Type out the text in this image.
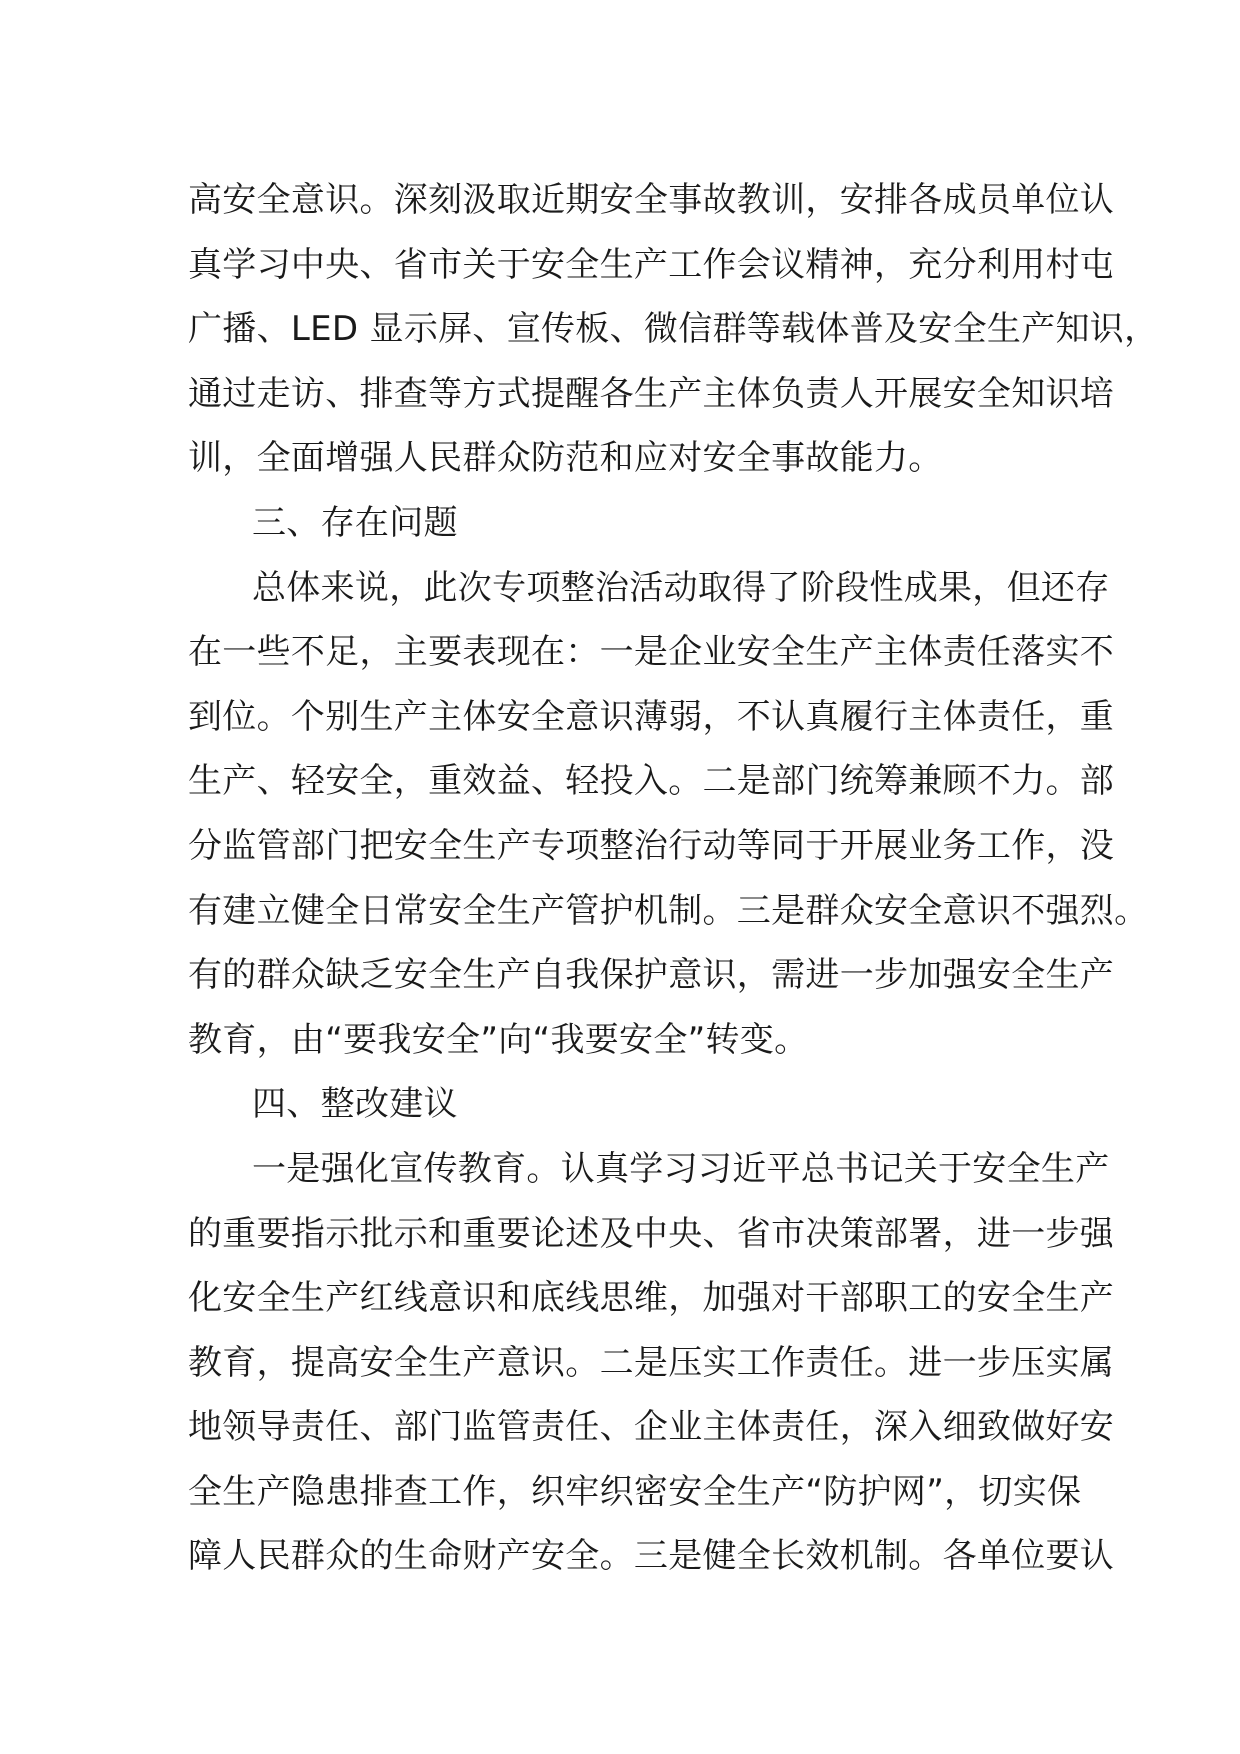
高安全意识。深刻汲取近期安全事故教训，安排各成员单位认
真学习中央、省市关于安全生产工作会议精神，充分利用村屯
广播、LED 显示屏、宣传板、微信群等载体普及安全生产知识，
通过走访、排查等方式提醒各生产主体负责人开展安全知识培
训，全面增强人民群众防范和应对安全事故能力。
三、存在问题
总体来说，此次专项整治活动取得了阶段性成果，但还存
在一些不足，主要表现在：一是企业安全生产主体责任落实不
到位。个别生产主体安全意识薄弱，不认真履行主体责任，重
生产、轻安全，重效益、轻投入。二是部门统筹兼顾不力。部
分监管部门把安全生产专项整治行动等同于开展业务工作，没
有建立健全日常安全生产管护机制。三是群众安全意识不强烈。
有的群众缺乏安全生产自我保护意识，需进一步加强安全生产
教育，由“要我安全”向“我要安全”转变。
四、整改建议
一是强化宣传教育。认真学习习近平总书记关于安全生产
的重要指示批示和重要论述及中央、省市决策部署，进一步强
化安全生产红线意识和底线思维，加强对干部职工的安全生产
教育，提高安全生产意识。二是压实工作责任。进一步压实属
地领导责任、部门监管责任、企业主体责任，深入细致做好安
全生产隐患排查工作，织牢织密安全生产“防护网”，切实保
障人民群众的生命财产安全。三是健全长效机制。各单位要认
